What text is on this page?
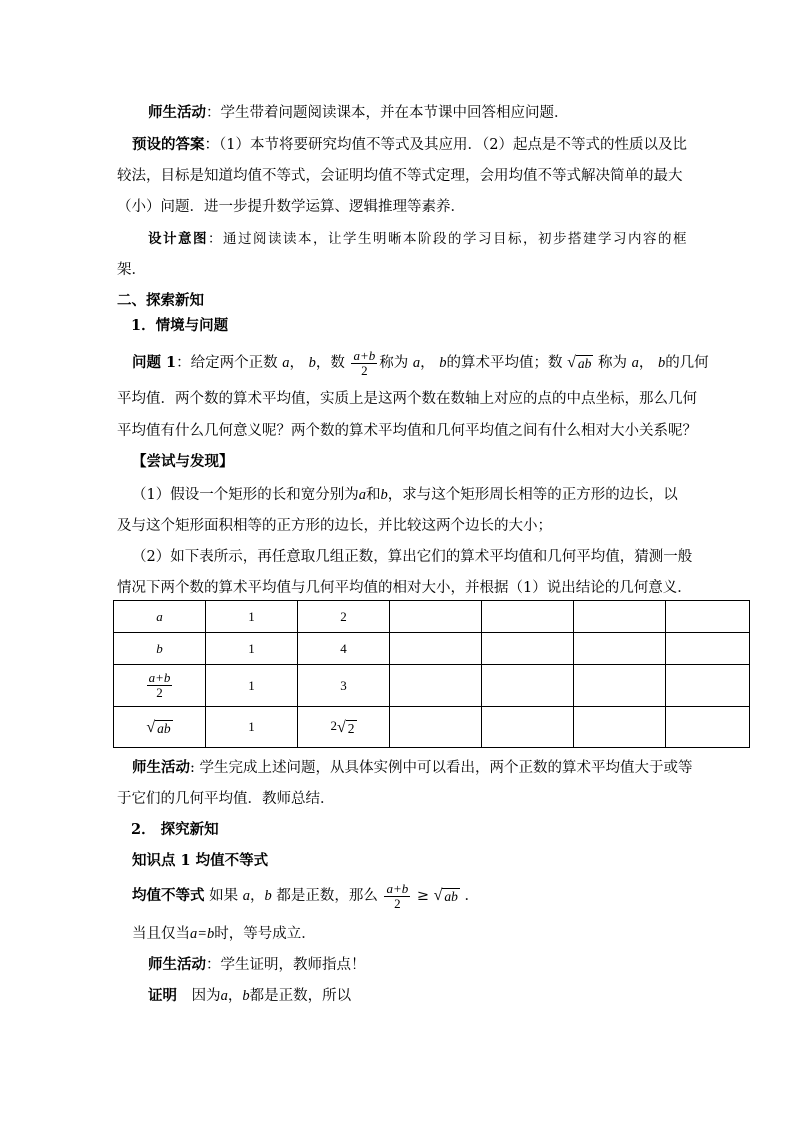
师生活动：学生带着问题阅读课本，并在本节课中回答相应问题．
预设的答案：（1）本节将要研究均值不等式及其应用．（2）起点是不等式的性质以及比
较法，目标是知道均值不等式，会证明均值不等式定理，会用均值不等式解决简单的最大
（小）问题．进一步提升数学运算、逻辑推理等素养．
设计意图：通过阅读读本，让学生明晰本阶段的学习目标，初步搭建学习内容的框
架．
二、探索新知
1．情境与问题
问题 1：给定两个正数 a， b，数 $\frac{a+b}{2}$ 称为 a， b的算术平均值；数 √ ab 称为 a， b的几何
平均值．两个数的算术平均值，实质上是这两个数在数轴上对应的点的中点坐标，那么几何
平均值有什么几何意义呢？两个数的算术平均值和几何平均值之间有什么相对大小关系呢？
【尝试与发现】
（1）假设一个矩形的长和宽分别为a和b，求与这个矩形周长相等的正方形的边长，以
及与这个矩形面积相等的正方形的边长，并比较这两个边长的大小；
（2）如下表所示，再任意取几组正数，算出它们的算术平均值和几何平均值，猜测一般
情况下两个数的算术平均值与几何平均值的相对大小，并根据（1）说出结论的几何意义．
a	1	2				
b	1	4				

$\frac{a+b}{2}$	1	3				

√ ab	1	2 √ 2				

师生活动: 学生完成上述问题，从具体实例中可以看出，两个正数的算术平均值大于或等
于它们的几何平均值．教师总结．
2． 探究新知
知识点 1 均值不等式
均值不等式 如果 a，b 都是正数，那么 $\frac{a+b}{2}$ ≥ √ ab ．
当且仅当a=b时，等号成立．
师生活动：学生证明，教师指点！
证明 因为a，b都是正数，所以
